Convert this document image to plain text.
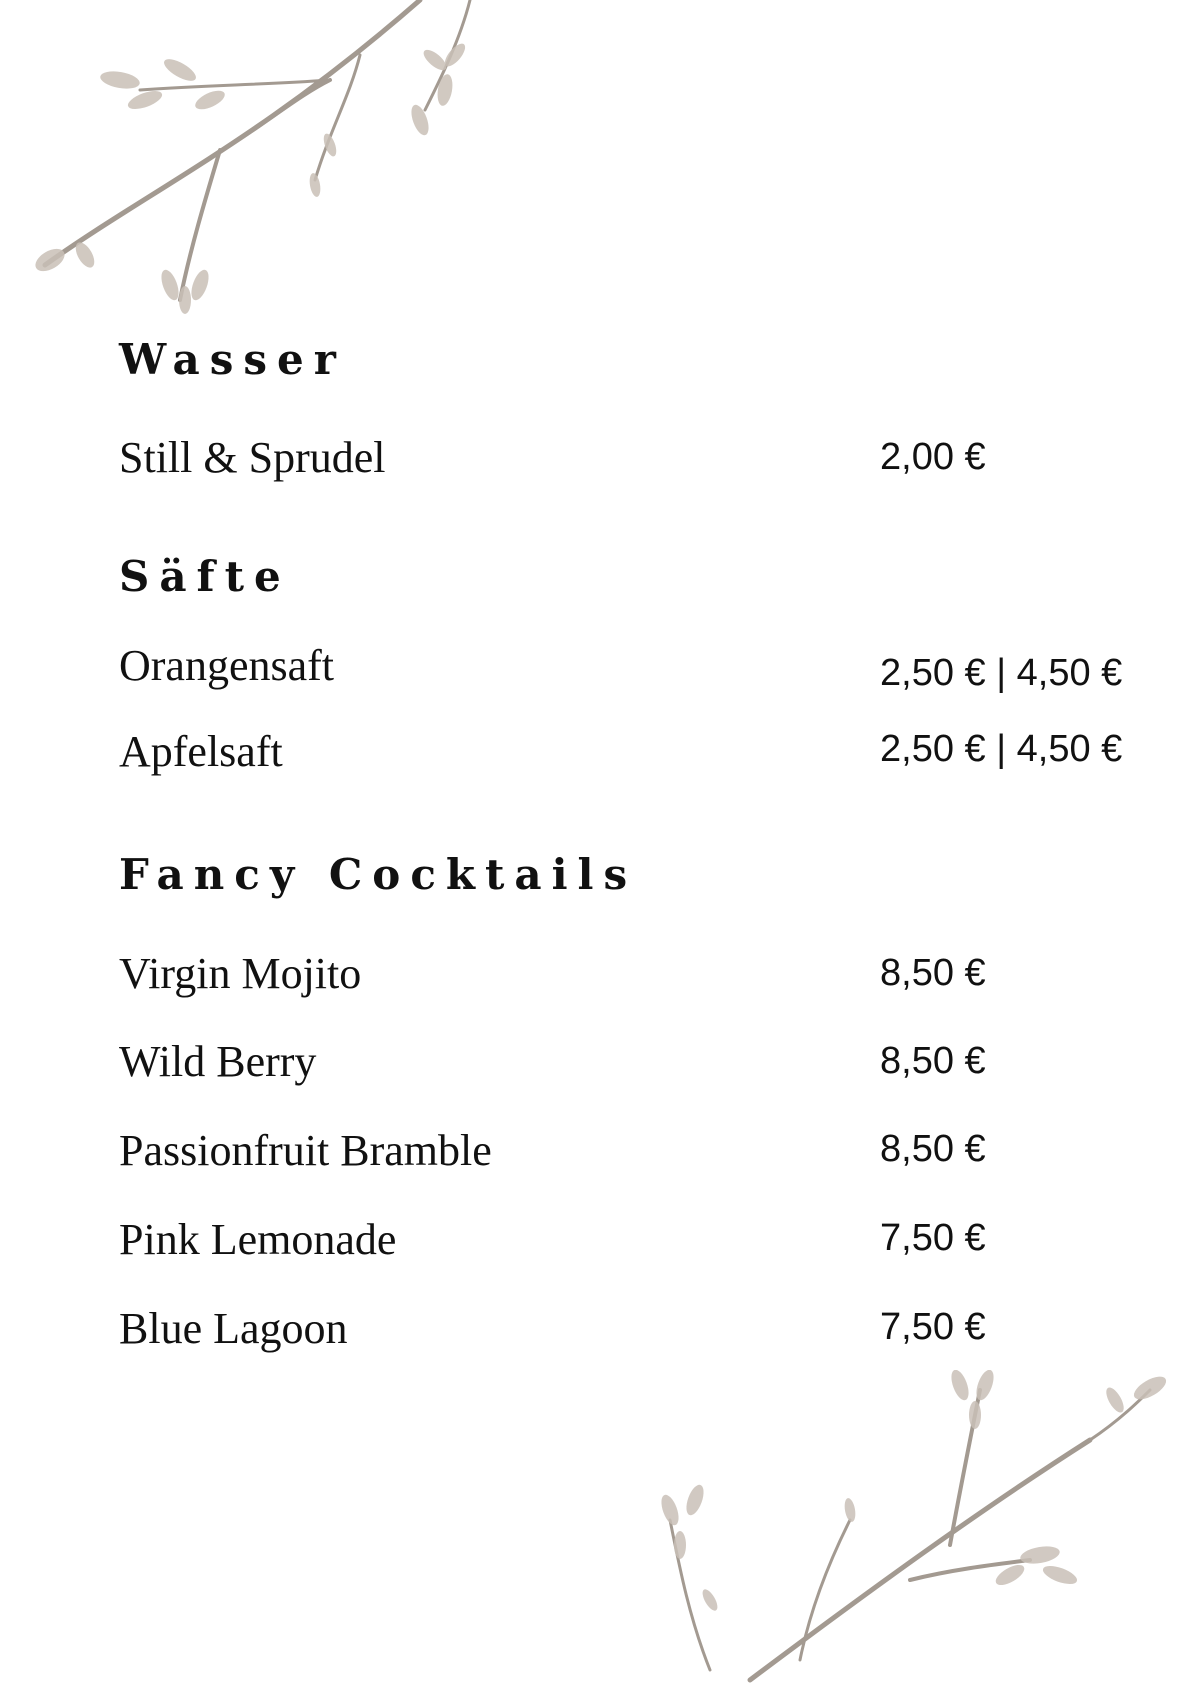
Wasser
Still & Sprudel	2,00 €
Säfte
Orangensaft	2,50 € | 4,50 €
Apfelsaft	2,50 € | 4,50 €
Fancy Cocktails
Virgin Mojito	8,50 €
Wild Berry	8,50 €
Passionfruit Bramble	8,50 €
Pink Lemonade	7,50 €
Blue Lagoon	7,50 €
